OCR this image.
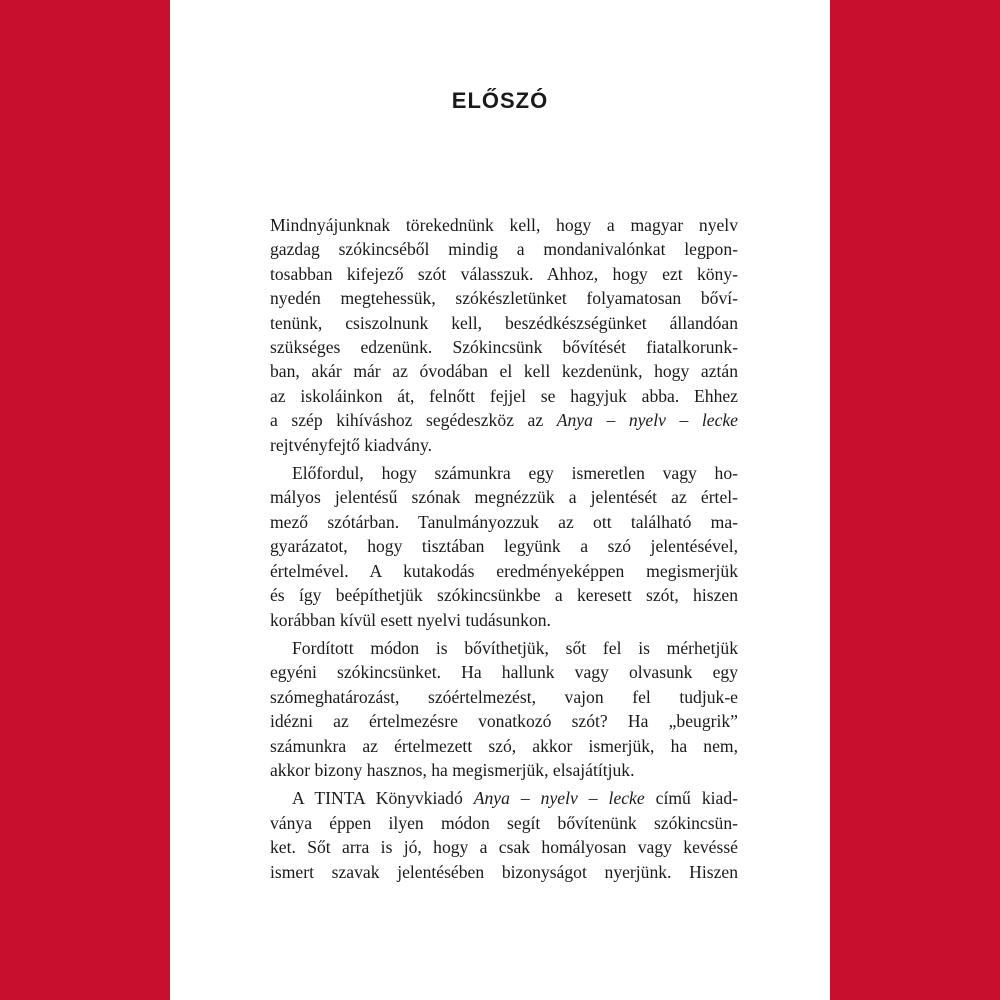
ELŐSZÓ

Mindnyájunknak törekednünk kell, hogy a magyar nyelv

gazdag szókincséből mindig a mondanivalónkat legpon-

tosabban kifejező szót válasszuk. Ahhoz, hogy ezt köny-

nyedén megtehessük, szókészletünket folyamatosan bőví-

tenünk, csiszolnunk kell, beszédkészségünket állandóan

szükséges edzenünk. Szókincsünk bővítését fiatalkorunk-

ban, akár már az óvodában el kell kezdenünk, hogy aztán

az iskoláinkon át, felnőtt fejjel se hagyjuk abba. Ehhez

a szép kihíváshoz segédeszköz az Anya – nyelv – lecke

rejtvényfejtő kiadvány.

Előfordul, hogy számunkra egy ismeretlen vagy ho-

mályos jelentésű szónak megnézzük a jelentését az értel-

mező szótárban. Tanulmányozzuk az ott található ma-

gyarázatot, hogy tisztában legyünk a szó jelentésével,

értelmével. A kutakodás eredményeképpen megismerjük

és így beépíthetjük szókincsünkbe a keresett szót, hiszen

korábban kívül esett nyelvi tudásunkon.

Fordított módon is bővíthetjük, sőt fel is mérhetjük

egyéni szókincsünket. Ha hallunk vagy olvasunk egy

szómeghatározást, szóértelmezést, vajon fel tudjuk-e

idézni az értelmezésre vonatkozó szót? Ha „beugrik”

számunkra az értelmezett szó, akkor ismerjük, ha nem,

akkor bizony hasznos, ha megismerjük, elsajátítjuk.

A TINTA Könyvkiadó Anya – nyelv – lecke című kiad-

ványa éppen ilyen módon segít bővítenünk szókincsün-

ket. Sőt arra is jó, hogy a csak homályosan vagy kevéssé

ismert szavak jelentésében bizonyságot nyerjünk. Hiszen
